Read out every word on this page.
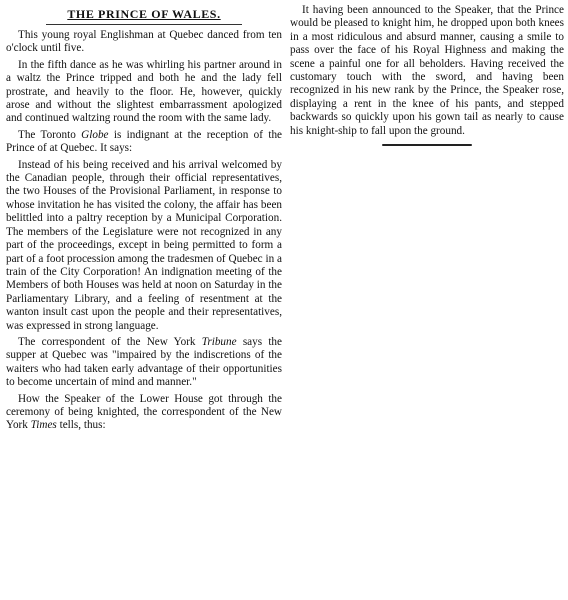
THE PRINCE OF WALES.

This young royal Englishman at Quebec danced from ten o'clock until five.

In the fifth dance as he was whirling his partner around in a waltz the Prince tripped and both he and the lady fell prostrate, and heavily to the floor. He, however, quickly arose and without the slightest embarrassment apologized and continued waltzing round the room with the same lady.

The Toronto Globe is indignant at the reception of the Prince of at Quebec. It says:

Instead of his being received and his arrival welcomed by the Canadian people, through their official representatives, the two Houses of the Provisional Parliament, in response to whose invitation he has visited the colony, the affair has been belittled into a paltry reception by a Municipal Corporation. The members of the Legislature were not recognized in any part of the proceedings, except in being permitted to form a part of a foot procession among the tradesmen of Quebec in a train of the City Corporation! An indignation meeting of the Members of both Houses was held at noon on Saturday in the Parliamentary Library, and a feeling of resentment at the wanton insult cast upon the people and their representatives, was expressed in strong language.

The correspondent of the New York Tribune says the supper at Quebec was "impaired by the indiscretions of the waiters who had taken early advantage of their opportunities to become uncertain of mind and manner."

How the Speaker of the Lower House got through the ceremony of being knighted, the correspondent of the New York Times tells, thus:

It having been announced to the Speaker, that the Prince would be pleased to knight him, he dropped upon both knees in a most ridiculous and absurd manner, causing a smile to pass over the face of his Royal Highness and making the scene a painful one for all beholders. Having received the customary touch with the sword, and having been recognized in his new rank by the Prince, the Speaker rose, displaying a rent in the knee of his pants, and stepped backwards so quickly upon his gown tail as nearly to cause his knight-ship to fall upon the ground.
